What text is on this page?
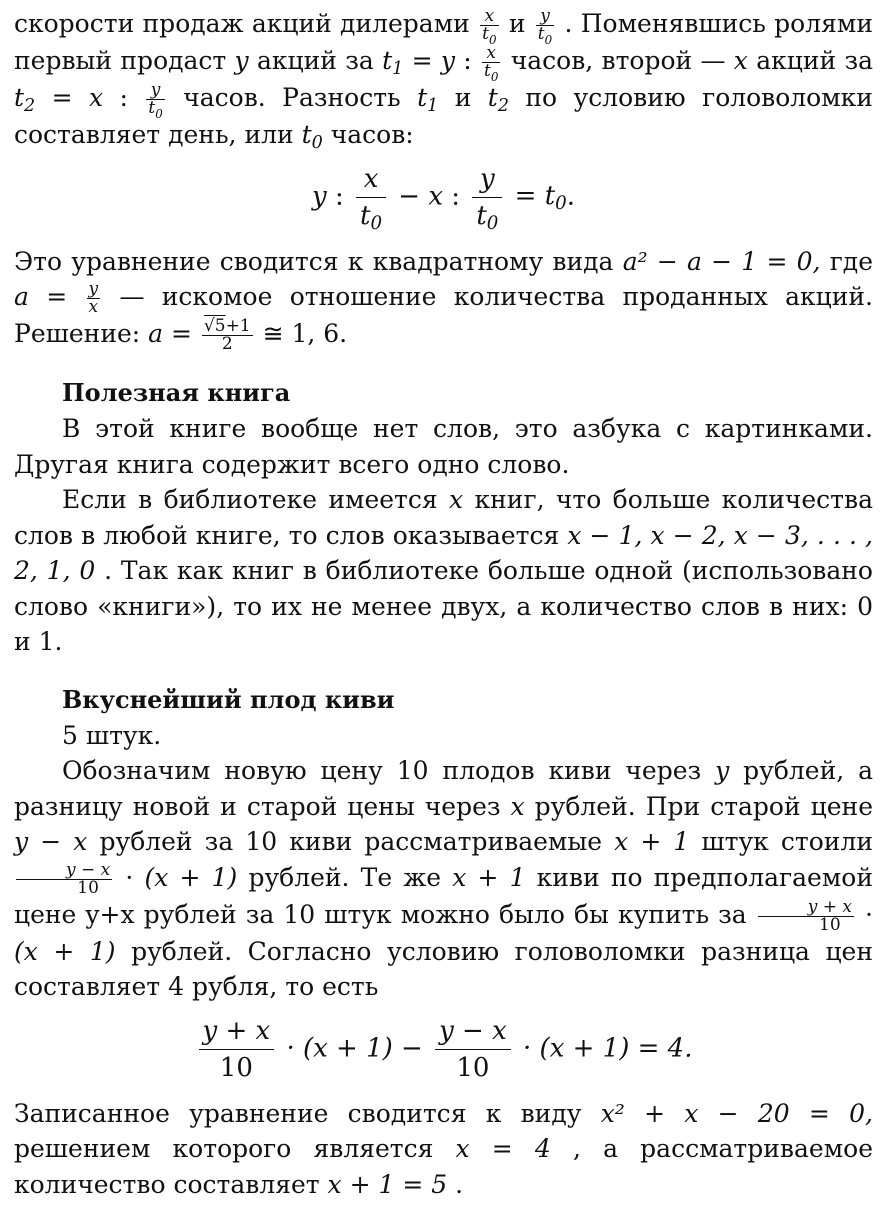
скорости продаж акций дилерами $\frac{x}{t_0}$ и $\frac{y}{t_0}$ . Поменявшись ролями первый продаст y акций за $t_1 = y$ : $\frac{x}{t_0}$ часов, второй — x акций за $t_2 = x$ : $\frac{y}{t_0}$ часов. Разность $t_1$ и $t_2$ по условию головоломки составляет день, или $t_0$ часов:

y : $\frac{x}{t_0} - x$ : $\frac{y}{t_0} = t_0$.

Это уравнение сводится к квадратному вида a² − a − 1 = 0, где $a = \frac{y}{x}$ — искомое отношение количества проданных акций. Решение: $a = \frac{√5+1}{2}$ ≅ 1, 6.

Полезная книга

В этой книге вообще нет слов, это азбука с картинками. Другая книга содержит всего одно слово.

Если в библиотеке имеется x книг, что больше количества слов в любой книге, то слов оказывается x − 1, x − 2, x − 3, . . . , 2, 1, 0 . Так как книг в библиотеке больше одной (использовано слово «книги»), то их не менее двух, а количество слов в них: 0 и 1.

Вкуснейший плод киви

5 штук.

Обозначим новую цену 10 плодов киви через y рублей, а разницу новой и старой цены через x рублей. При старой цене y − x рублей за 10 киви рассматриваемые x + 1 штук стоили
$\frac{y - x}{10} \cdot (x + 1)$ рублей. Те же x + 1 киви по предполагаемой цене y+x рублей за 10 штук можно было бы купить за $\frac{y + x}{10} \cdot (x + 1)$ рублей. Согласно условию головоломки разница цен составляет 4 рубля, то есть

$\frac{y + x}{10} \cdot (x + 1) - \frac{y - x}{10} \cdot (x + 1) = 4$.

Записанное уравнение сводится к виду x² + x − 20 = 0, решением которого является x = 4 , а рассматриваемое количество составляет x + 1 = 5 .
